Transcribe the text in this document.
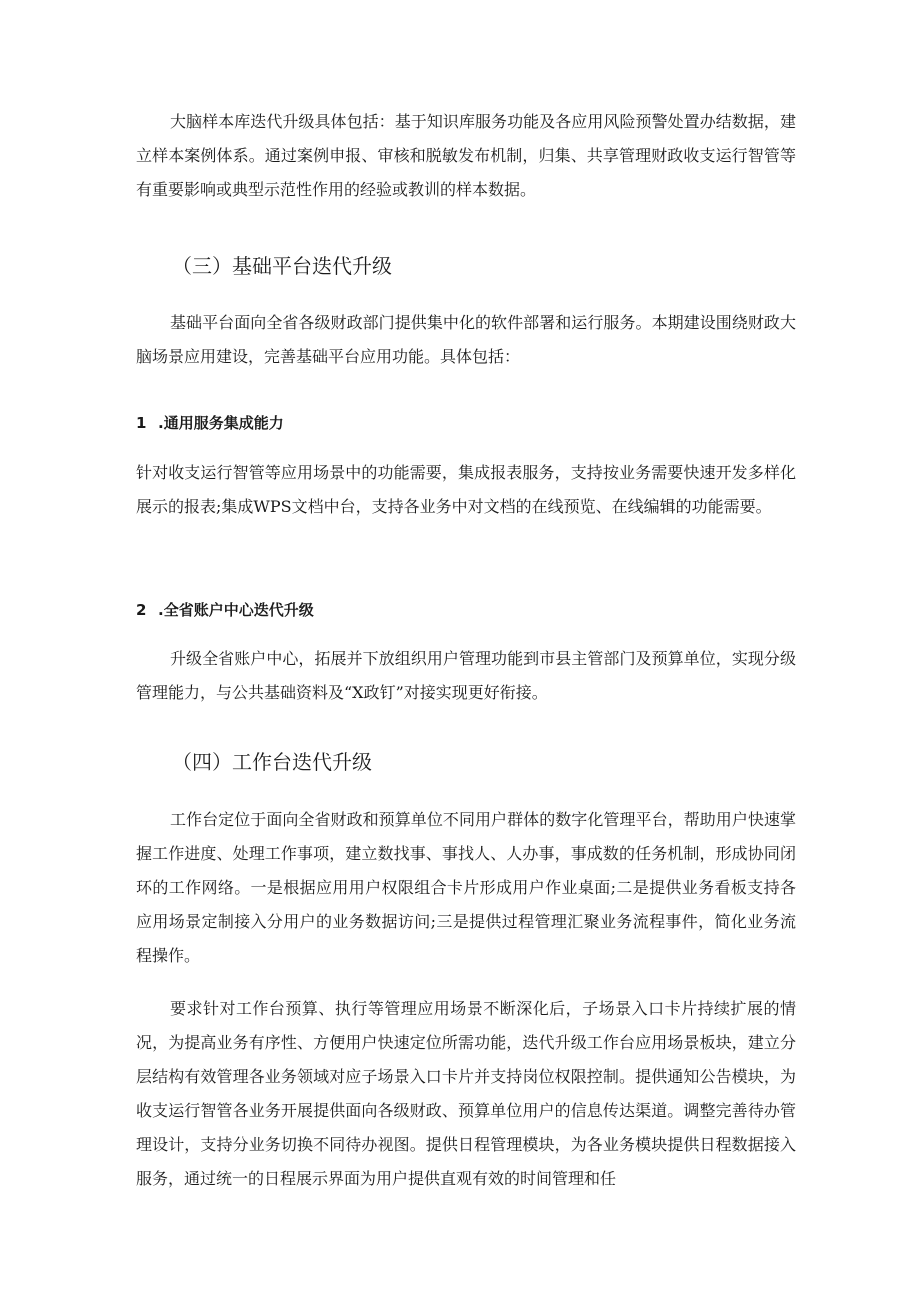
大脑样本库迭代升级具体包括：基于知识库服务功能及各应用风险预警处置办结数据，建立样本案例体系。通过案例申报、审核和脱敏发布机制，归集、共享管理财政收支运行智管等有重要影响或典型示范性作用的经验或教训的样本数据。

（三）基础平台迭代升级

基础平台面向全省各级财政部门提供集中化的软件部署和运行服务。本期建设围绕财政大脑场景应用建设，完善基础平台应用功能。具体包括：

1 .通用服务集成能力

针对收支运行智管等应用场景中的功能需要，集成报表服务，支持按业务需要快速开发多样化展示的报表;集成WPS文档中台，支持各业务中对文档的在线预览、在线编辑的功能需要。

2 .全省账户中心迭代升级

升级全省账户中心，拓展并下放组织用户管理功能到市县主管部门及预算单位，实现分级管理能力，与公共基础资料及“X政钉”对接实现更好衔接。

（四）工作台迭代升级

工作台定位于面向全省财政和预算单位不同用户群体的数字化管理平台，帮助用户快速掌握工作进度、处理工作事项，建立数找事、事找人、人办事，事成数的任务机制，形成协同闭环的工作网络。一是根据应用用户权限组合卡片形成用户作业桌面;二是提供业务看板支持各应用场景定制接入分用户的业务数据访问;三是提供过程管理汇聚业务流程事件，简化业务流程操作。

要求针对工作台预算、执行等管理应用场景不断深化后，子场景入口卡片持续扩展的情况，为提高业务有序性、方便用户快速定位所需功能，迭代升级工作台应用场景板块，建立分层结构有效管理各业务领域对应子场景入口卡片并支持岗位权限控制。提供通知公告模块，为收支运行智管各业务开展提供面向各级财政、预算单位用户的信息传达渠道。调整完善待办管理设计，支持分业务切换不同待办视图。提供日程管理模块，为各业务模块提供日程数据接入服务，通过统一的日程展示界面为用户提供直观有效的时间管理和任
